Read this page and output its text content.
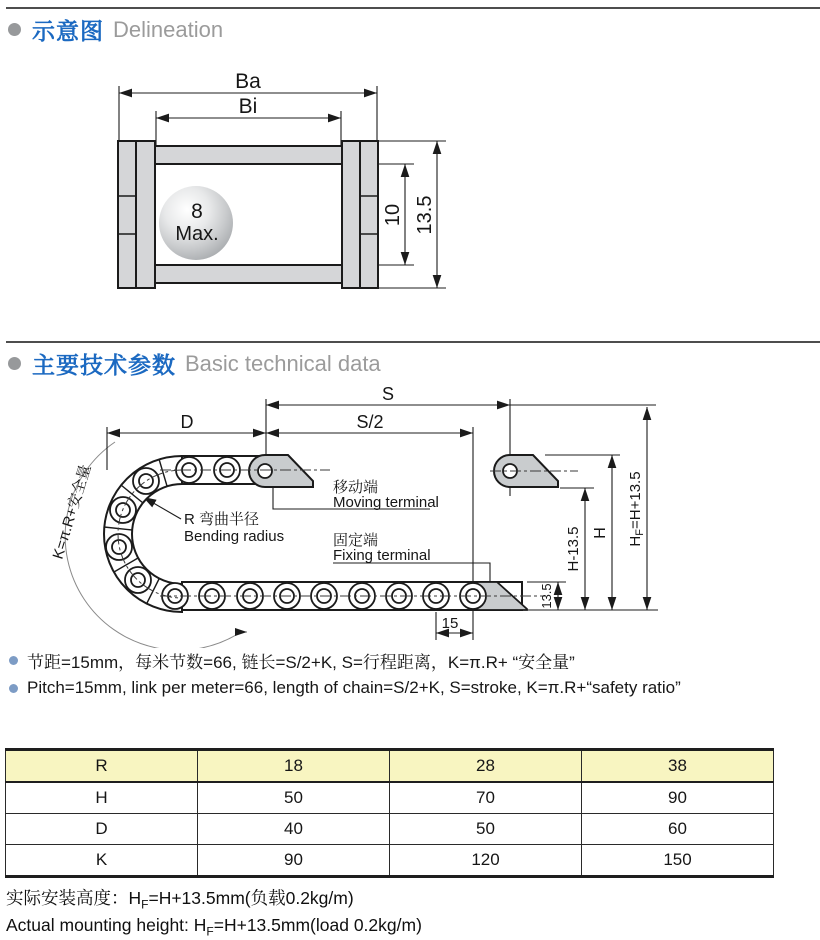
示意图 Delineation
8
Max.
Ba
Bi
10 13.5
主要技术参数 Basic technical data
S
S/2
D
K=π.R+安全量	R 弯曲半径
Bending radius
移动端
Moving terminal
固定端
Fixing terminal	H-13.5 H
$H_F=H+13.5$
13.5
15
节距=15mm，每米节数=66, 链长=S/2+K, S=行程距离，K=π.R+ “安全量”
Pitch=15mm, link per meter=66, length of chain=S/2+K, S=stroke, K=π.R+“safety ratio”
R	18	28	38
H	50	70	90
D	40	50	60
K	90	120	150
实际安装高度：$H_F=H+13.5mm$(负载0.2kg/m)
Actual mounting height: $H_F=H+13.5mm(load$ 0.2kg/m)
